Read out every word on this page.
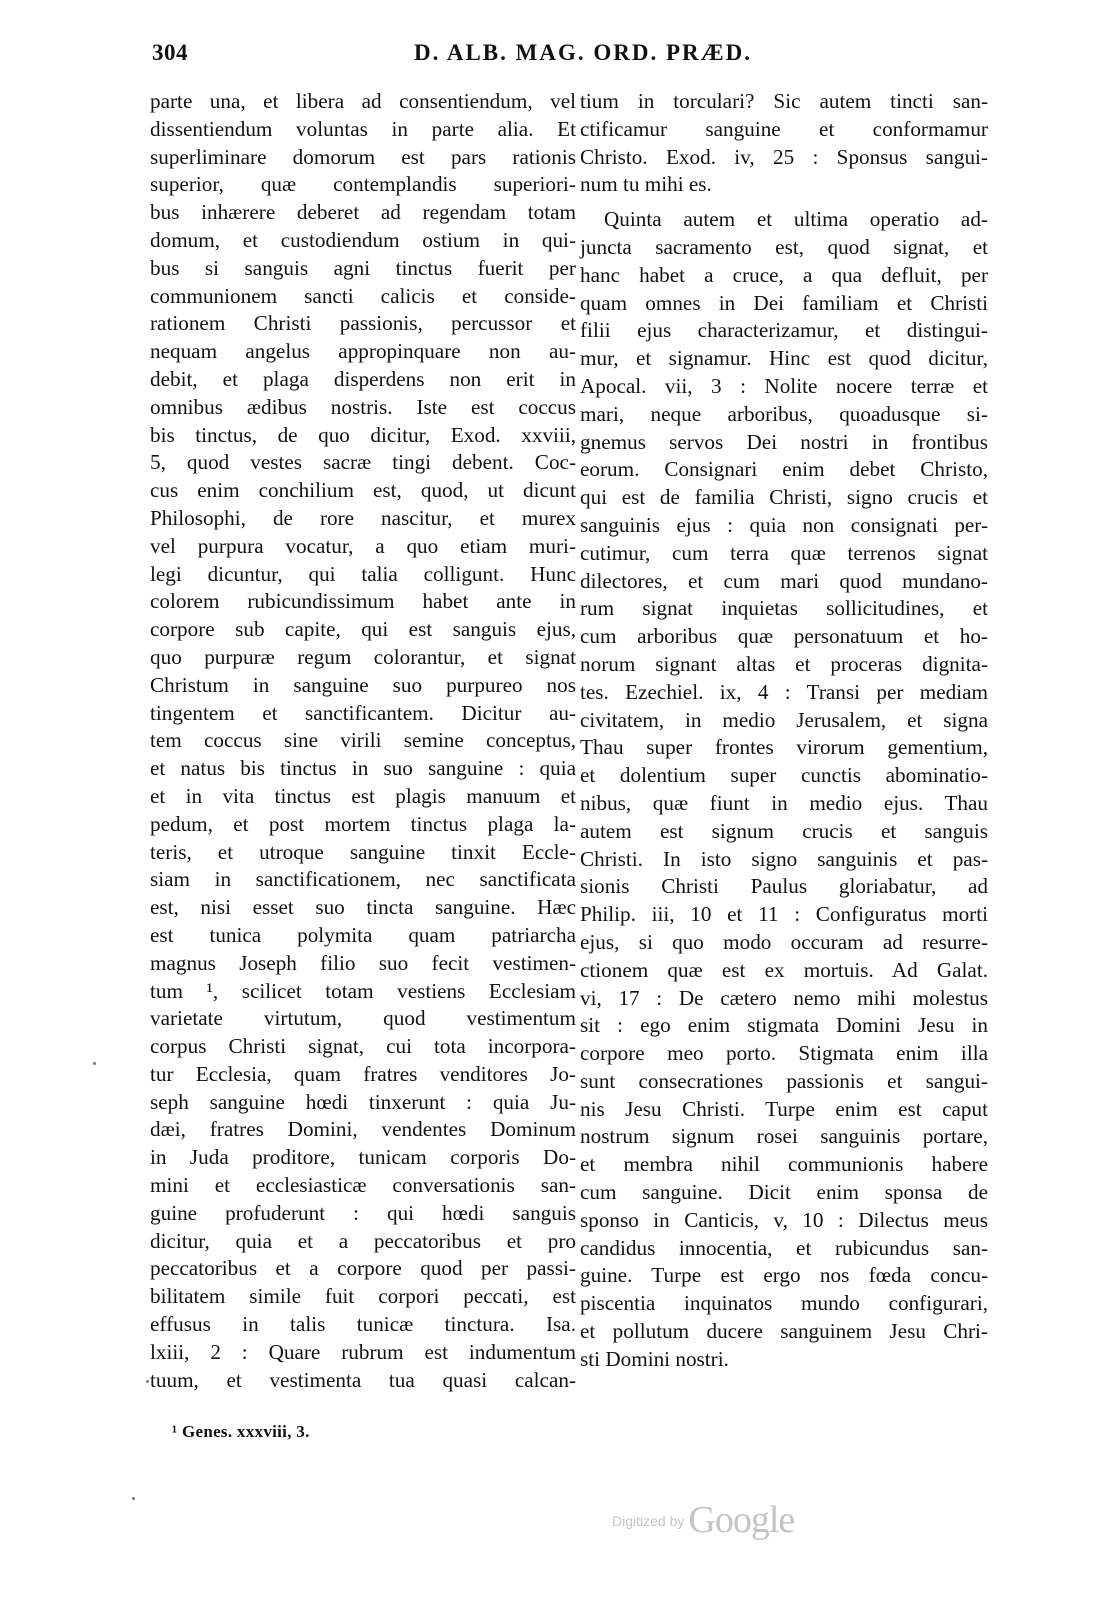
304	D. ALB. MAG. ORD. PRÆD.
parte una, et libera ad consentiendum, vel
dissentiendum voluntas in parte alia. Et
superliminare domorum est pars rationis
superior, quæ contemplandis superiori-
bus inhærere deberet ad regendam totam
domum, et custodiendum ostium in qui-
bus si sanguis agni tinctus fuerit per
communionem sancti calicis et conside-
rationem Christi passionis, percussor et
nequam angelus appropinquare non au-
debit, et plaga disperdens non erit in
omnibus ædibus nostris. Iste est coccus
bis tinctus, de quo dicitur, Exod. xxviii,
5, quod vestes sacræ tingi debent. Coc-
cus enim conchilium est, quod, ut dicunt
Philosophi, de rore nascitur, et murex
vel purpura vocatur, a quo etiam muri-
legi dicuntur, qui talia colligunt. Hunc
colorem rubicundissimum habet ante in
corpore sub capite, qui est sanguis ejus,
quo purpuræ regum colorantur, et signat
Christum in sanguine suo purpureo nos
tingentem et sanctificantem. Dicitur au-
tem coccus sine virili semine conceptus,
et natus bis tinctus in suo sanguine : quia
et in vita tinctus est plagis manuum et
pedum, et post mortem tinctus plaga la-
teris, et utroque sanguine tinxit Eccle-
siam in sanctificationem, nec sanctificata
est, nisi esset suo tincta sanguine. Hæc
est tunica polymita quam patriarcha
magnus Joseph filio suo fecit vestimen-
tum ¹, scilicet totam vestiens Ecclesiam
varietate virtutum, quod vestimentum
corpus Christi signat, cui tota incorpora-
tur Ecclesia, quam fratres venditores Jo-
seph sanguine hœdi tinxerunt : quia Ju-
dæi, fratres Domini, vendentes Dominum
in Juda proditore, tunicam corporis Do-
mini et ecclesiasticæ conversationis san-
guine profuderunt : qui hœdi sanguis
dicitur, quia et a peccatoribus et pro
peccatoribus et a corpore quod per passi-
bilitatem simile fuit corpori peccati, est
effusus in talis tunicæ tinctura. Isa.
lxiii, 2 : Quare rubrum est indumentum
tuum, et vestimenta tua quasi calcan-
tium in torculari? Sic autem tincti san-
ctificamur sanguine et conformamur
Christo. Exod. iv, 25 : Sponsus sangui-
num tu mihi es.
Quinta autem et ultima operatio ad-
juncta sacramento est, quod signat, et
hanc habet a cruce, a qua defluit, per
quam omnes in Dei familiam et Christi
filii ejus characterizamur, et distingui-
mur, et signamur. Hinc est quod dicitur,
Apocal. vii, 3 : Nolite nocere terræ et
mari, neque arboribus, quoadusque si-
gnemus servos Dei nostri in frontibus
eorum. Consignari enim debet Christo,
qui est de familia Christi, signo crucis et
sanguinis ejus : quia non consignati per-
cutimur, cum terra quæ terrenos signat
dilectores, et cum mari quod mundano-
rum signat inquietas sollicitudines, et
cum arboribus quæ personatuum et ho-
norum signant altas et proceras dignita-
tes. Ezechiel. ix, 4 : Transi per mediam
civitatem, in medio Jerusalem, et signa
Thau super frontes virorum gementium,
et dolentium super cunctis abominatio-
nibus, quæ fiunt in medio ejus. Thau
autem est signum crucis et sanguis
Christi. In isto signo sanguinis et pas-
sionis Christi Paulus gloriabatur, ad
Philip. iii, 10 et 11 : Configuratus morti
ejus, si quo modo occuram ad resurre-
ctionem quæ est ex mortuis. Ad Galat.
vi, 17 : De cætero nemo mihi molestus
sit : ego enim stigmata Domini Jesu in
corpore meo porto. Stigmata enim illa
sunt consecrationes passionis et sangui-
nis Jesu Christi. Turpe enim est caput
nostrum signum rosei sanguinis portare,
et membra nihil communionis habere
cum sanguine. Dicit enim sponsa de
sponso in Canticis, v, 10 : Dilectus meus
candidus innocentia, et rubicundus san-
guine. Turpe est ergo nos fœda concu-
piscentia inquinatos mundo configurari,
et pollutum ducere sanguinem Jesu Chri-
sti Domini nostri.
¹ Genes. xxxviii, 3.
Digitized by Google
